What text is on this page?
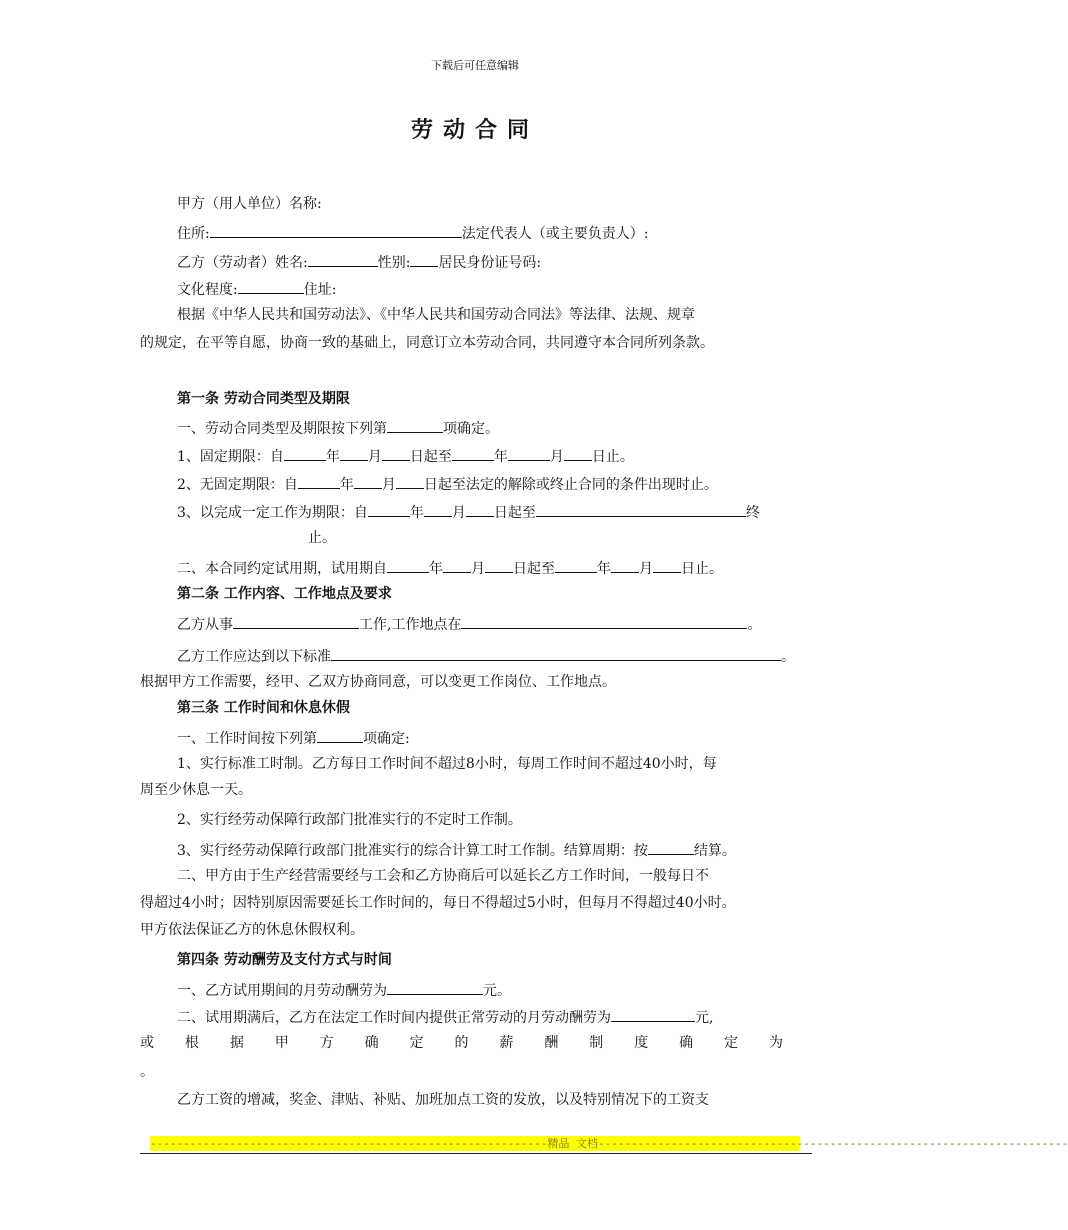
下载后可任意编辑
劳动合同
甲方（用人单位）名称:
住所:	法定代表人（或主要负责人）:
乙方（劳动者）姓名:	性别: 居民身份证号码:
文化程度:	住址:
根据《中华人民共和国劳动法》、《中华人民共和国劳动合同法》等法律、法规、规章
的规定，在平等自愿，协商一致的基础上，同意订立本劳动合同，共同遵守本合同所列条款。
第一条 劳动合同类型及期限
一、劳动合同类型及期限按下列第	项确定。
1、固定期限：自	年 月 日起至	年	月 日止。
2、无固定期限：自	年 月 日起至法定的解除或终止合同的条件出现时止。
3、以完成一定工作为期限：自	年 月 日起至	终
止。
二、本合同约定试用期，试用期自	年 月 日起至	年 月 日止。
第二条 工作内容、工作地点及要求
乙方从事	工作,工作地点在	。
乙方工作应达到以下标准	。
根据甲方工作需要，经甲、乙双方协商同意，可以变更工作岗位、工作地点。
第三条 工作时间和休息休假
一、工作时间按下列第	项确定:
1、实行标准工时制。乙方每日工作时间不超过8小时，每周工作时间不超过40小时，每
周至少休息一天。
2、实行经劳动保障行政部门批准实行的不定时工作制。
3、实行经劳动保障行政部门批准实行的综合计算工时工作制。结算周期：按	结算。
二、甲方由于生产经营需要经与工会和乙方协商后可以延长乙方工作时间，一般每日不
得超过4小时；因特别原因需要延长工作时间的，每日不得超过5小时，但每月不得超过40小时。
甲方依法保证乙方的休息休假权利。
第四条 劳动酬劳及支付方式与时间
一、乙方试用期间的月劳动酬劳为	元。
二、试用期满后，乙方在法定工作时间内提供正常劳动的月劳动酬劳为	元,
或根据甲方确定的薪酬制度确定为
。
乙方工资的增减，奖金、津贴、补贴、加班加点工资的发放，以及特别情况下的工资支
------------------------------------------------------------精品 文档-----------------------------------------------------------------------
